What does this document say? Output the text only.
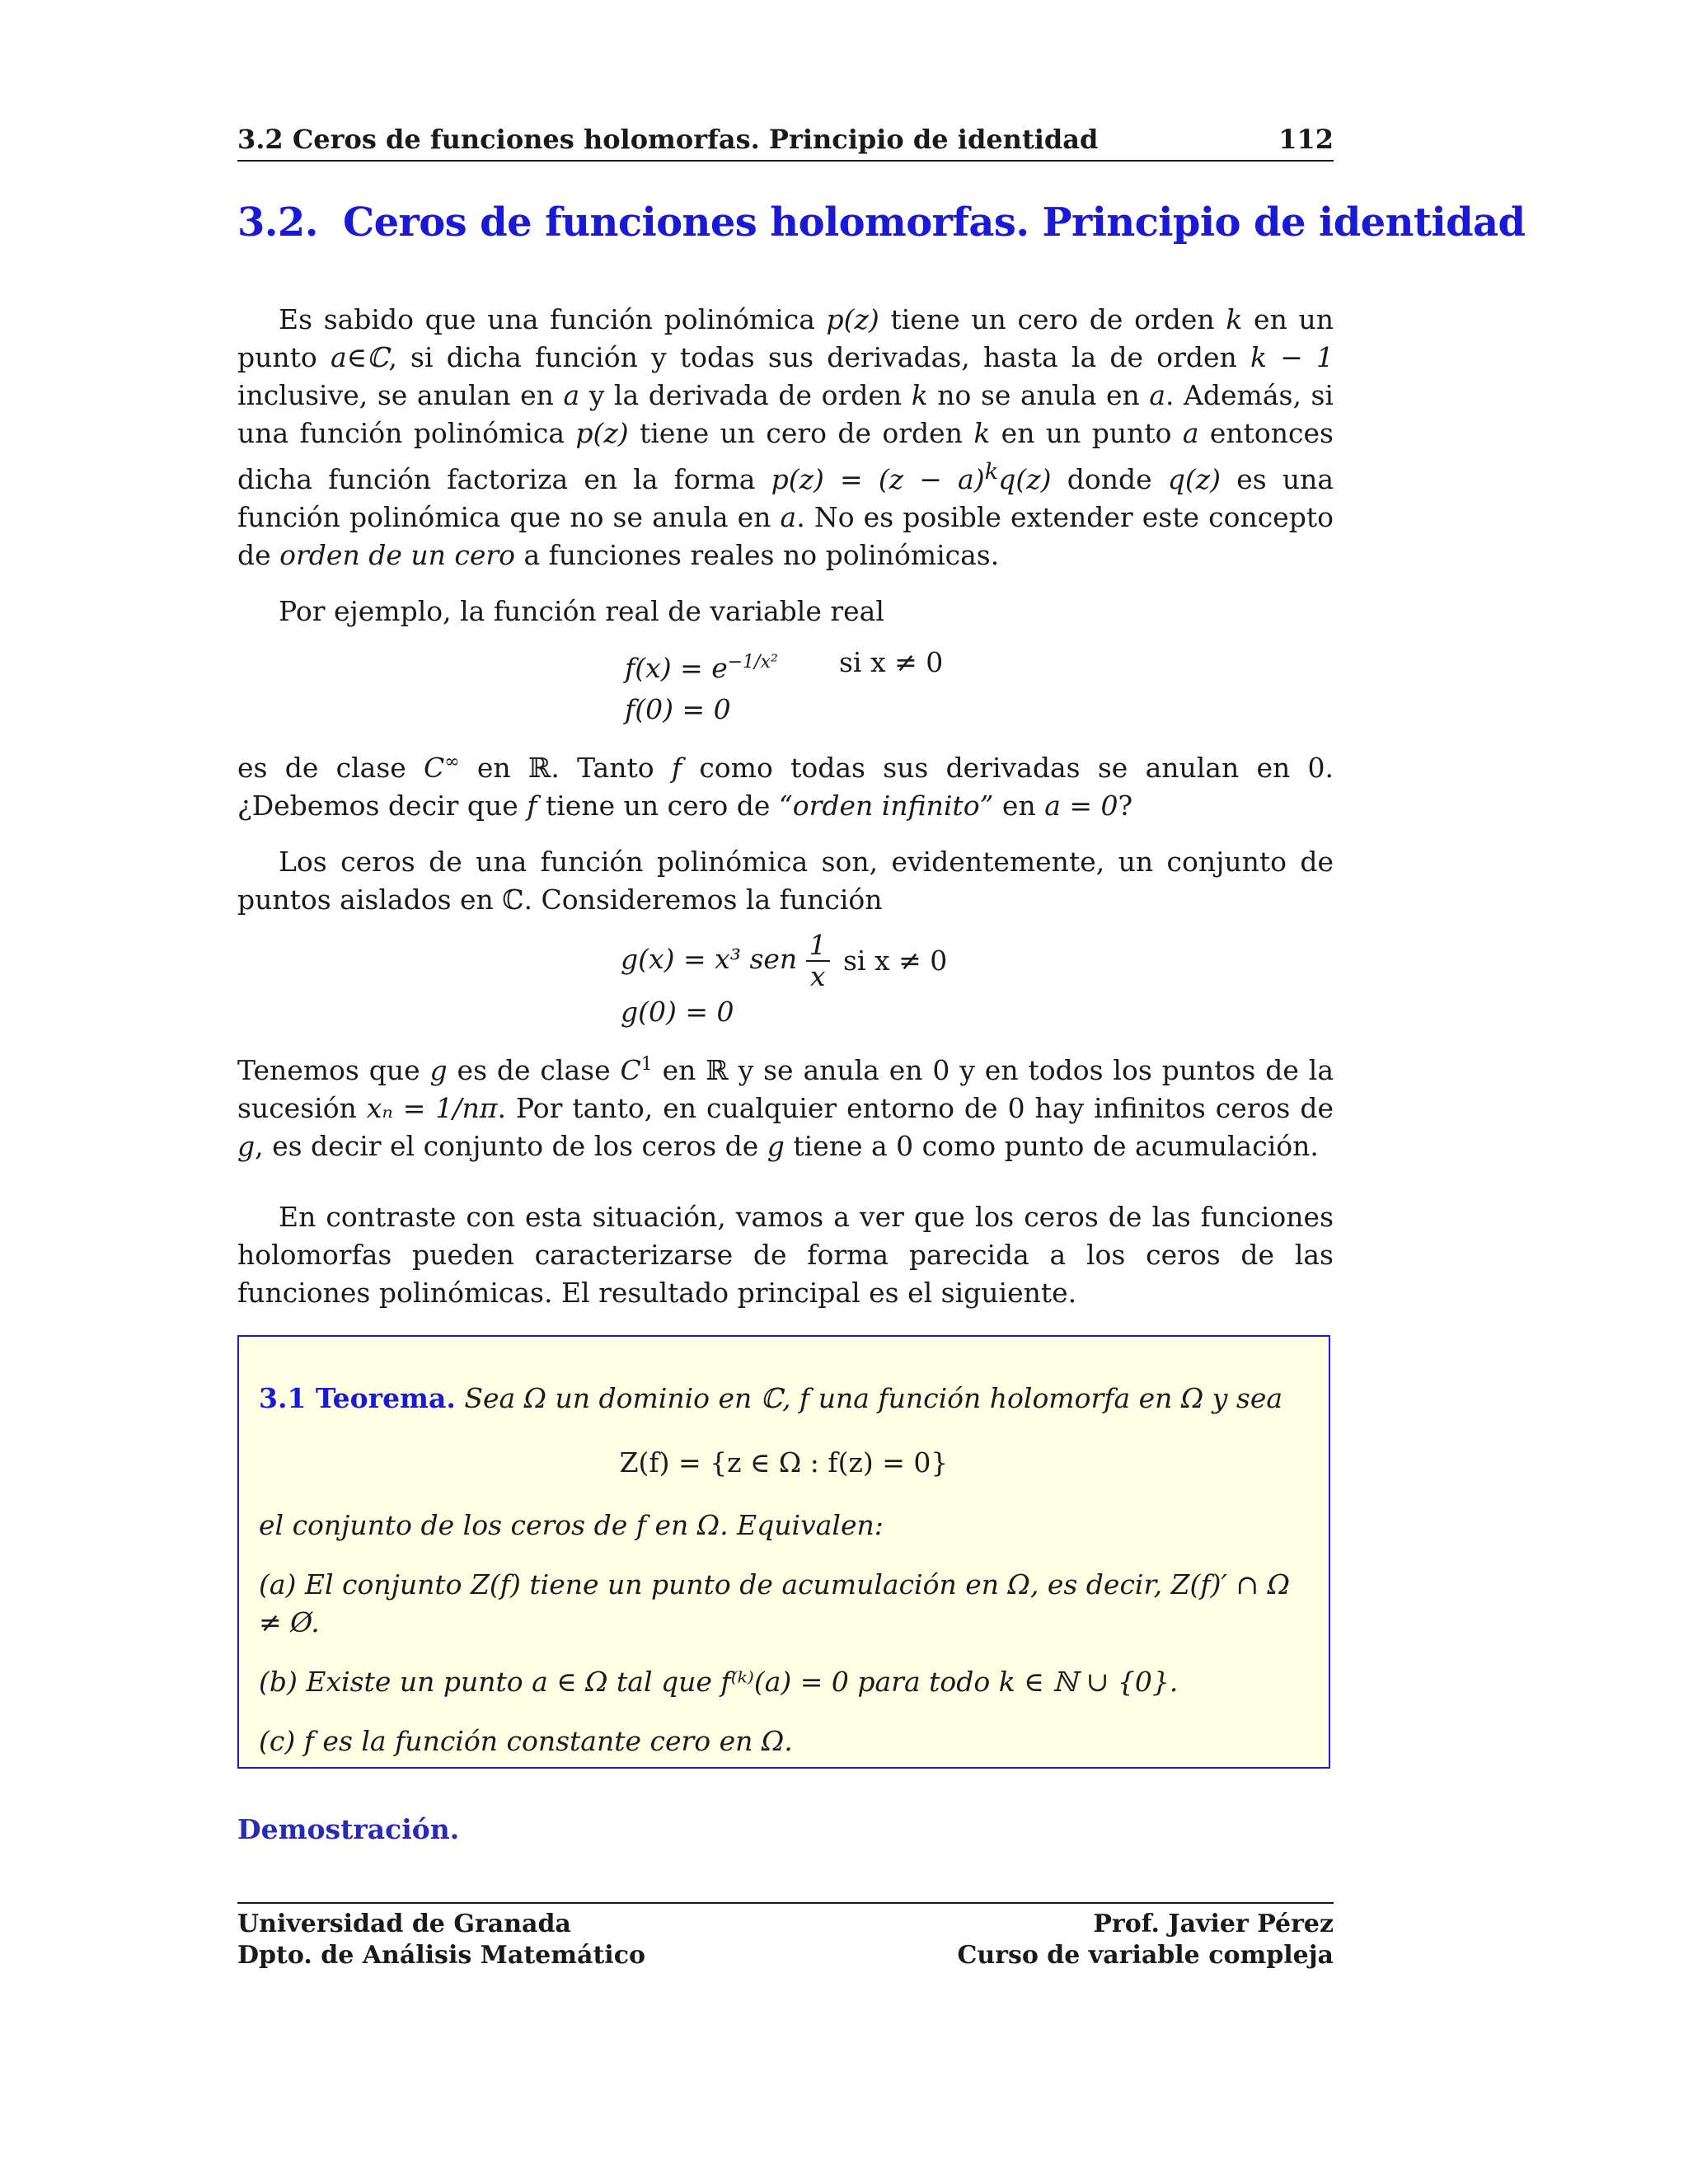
3.2 Ceros de funciones holomorfas. Principio de identidad	112
3.2. Ceros de funciones holomorfas. Principio de identidad

Es sabido que una función polinómica p(z) tiene un cero de orden k en un punto a∈ℂ, si dicha función y todas sus derivadas, hasta la de orden k − 1 inclusive, se anulan en a y la derivada de orden k no se anula en a. Además, si una función polinómica p(z) tiene un cero de orden k en un punto a entonces dicha función factoriza en la forma $p(z) = (z - a)^kq(z)$ donde q(z) es una función polinómica que no se anula en a. No es posible extender este concepto de orden de un cero a funciones reales no polinómicas.

Por ejemplo, la función real de variable real

$f(x) = e^{-1/x^2}$	si x ≠ 0
f(0) = 0

es de clase C∞ en ℝ. Tanto f como todas sus derivadas se anulan en 0. ¿Debemos decir que f tiene un cero de “orden infinito” en a = 0?

Los ceros de una función polinómica son, evidentemente, un conjunto de puntos aislados en ℂ. Consideremos la función

g(x) = x³ sen $\frac{1}{x}$ si x ≠ 0
g(0) = 0

Tenemos que g es de clase $C^1$ en ℝ y se anula en 0 y en todos los puntos de la sucesión xₙ = 1/nπ. Por tanto, en cualquier entorno de 0 hay infinitos ceros de g, es decir el conjunto de los ceros de g tiene a 0 como punto de acumulación.

En contraste con esta situación, vamos a ver que los ceros de las funciones holomorfas pueden caracterizarse de forma parecida a los ceros de las funciones polinómicas. El resultado principal es el siguiente.

3.1 Teorema. Sea Ω un dominio en ℂ, f una función holomorfa en Ω y sea

Z(f) = {z ∈ Ω : f(z) = 0}

el conjunto de los ceros de f en Ω. Equivalen:

(a) El conjunto Z(f) tiene un punto de acumulación en Ω, es decir, Z(f)′ ∩ Ω ≠ Ø.

(b) Existe un punto a ∈ Ω tal que f⁽ᵏ⁾(a) = 0 para todo k ∈ ℕ ∪ {0}.

(c) f es la función constante cero en Ω.

Demostración.
Universidad de Granada
Dpto. de Análisis Matemático
Prof. Javier Pérez
Curso de variable compleja
